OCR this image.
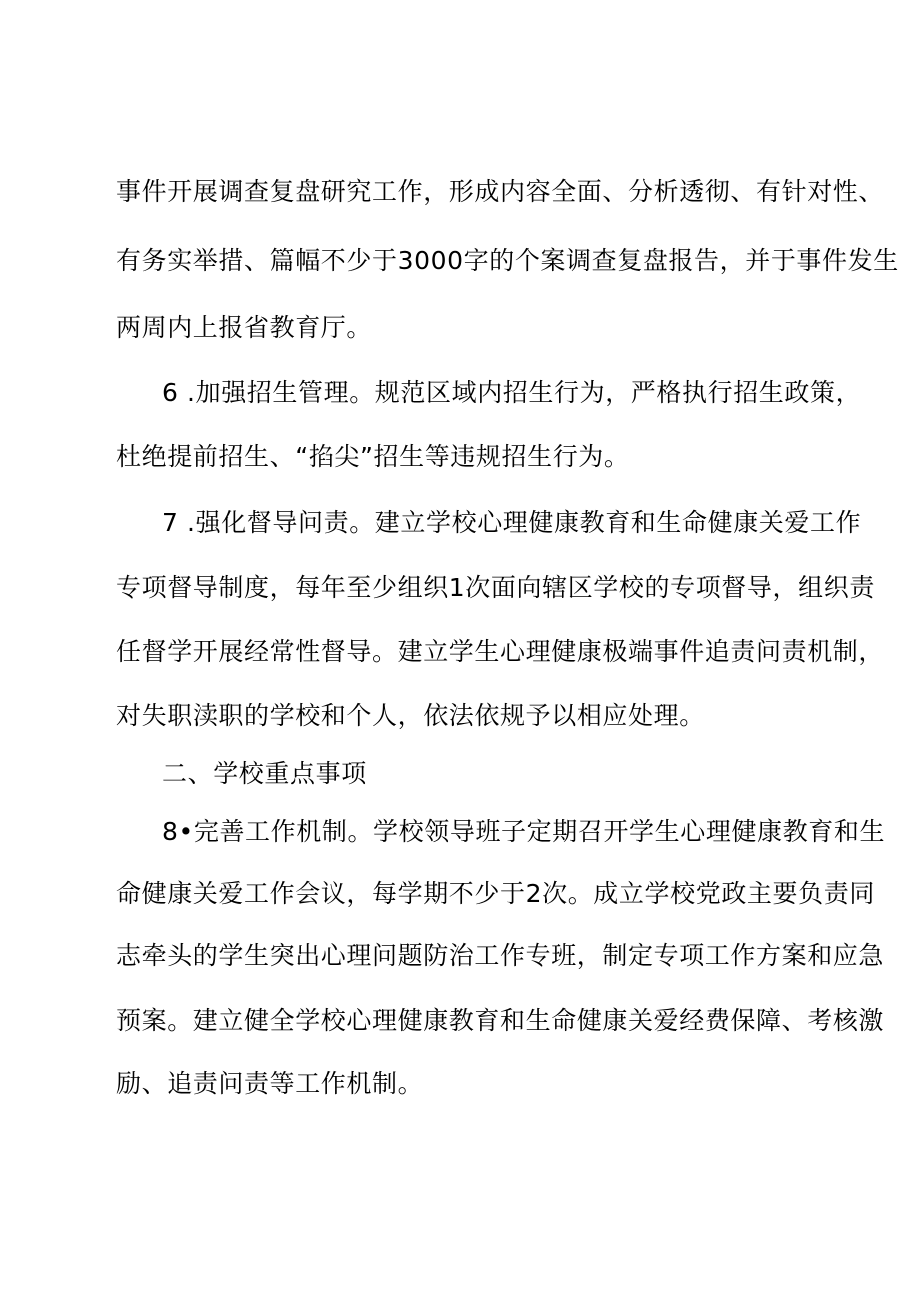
事件开展调查复盘研究工作，形成内容全面、分析 透彻、有针对性、
有务实举措、篇幅不少于3000字的个案调查 复盘报告，并于事件发生
两周内上报省教育厅。
6 .加强招生管理。规范区域内招生行为，严格执行招生政 策，
杜绝提前招生、“掐尖”招生等违规招生行为。
7 .强化督导问责。建立学校心理健康教育和生命健康关爱 工作
专项督导制度，每年至少组织1次面向辖区学校的专项督 导，组织责
任督学开展经常性督导。建立学生心理健康极端事 件追责问责机制，
对失职渎职的学校和个人，依法依规予以相 应处理。
二、学校重点事项
8•完善工作机制。学校领导班子定期召开学生心理健康教 育和生
命健康关爱工作会议，每学期不少于2次。成立学校党 政主要负责同
志牵头的学生突出心理问题防治工作专班，制定 专项工作方案和应急
预案。建立健全学校心理健康教育和生命 健康关爱经费保障、考核激
励、追责问责等工作机制。
